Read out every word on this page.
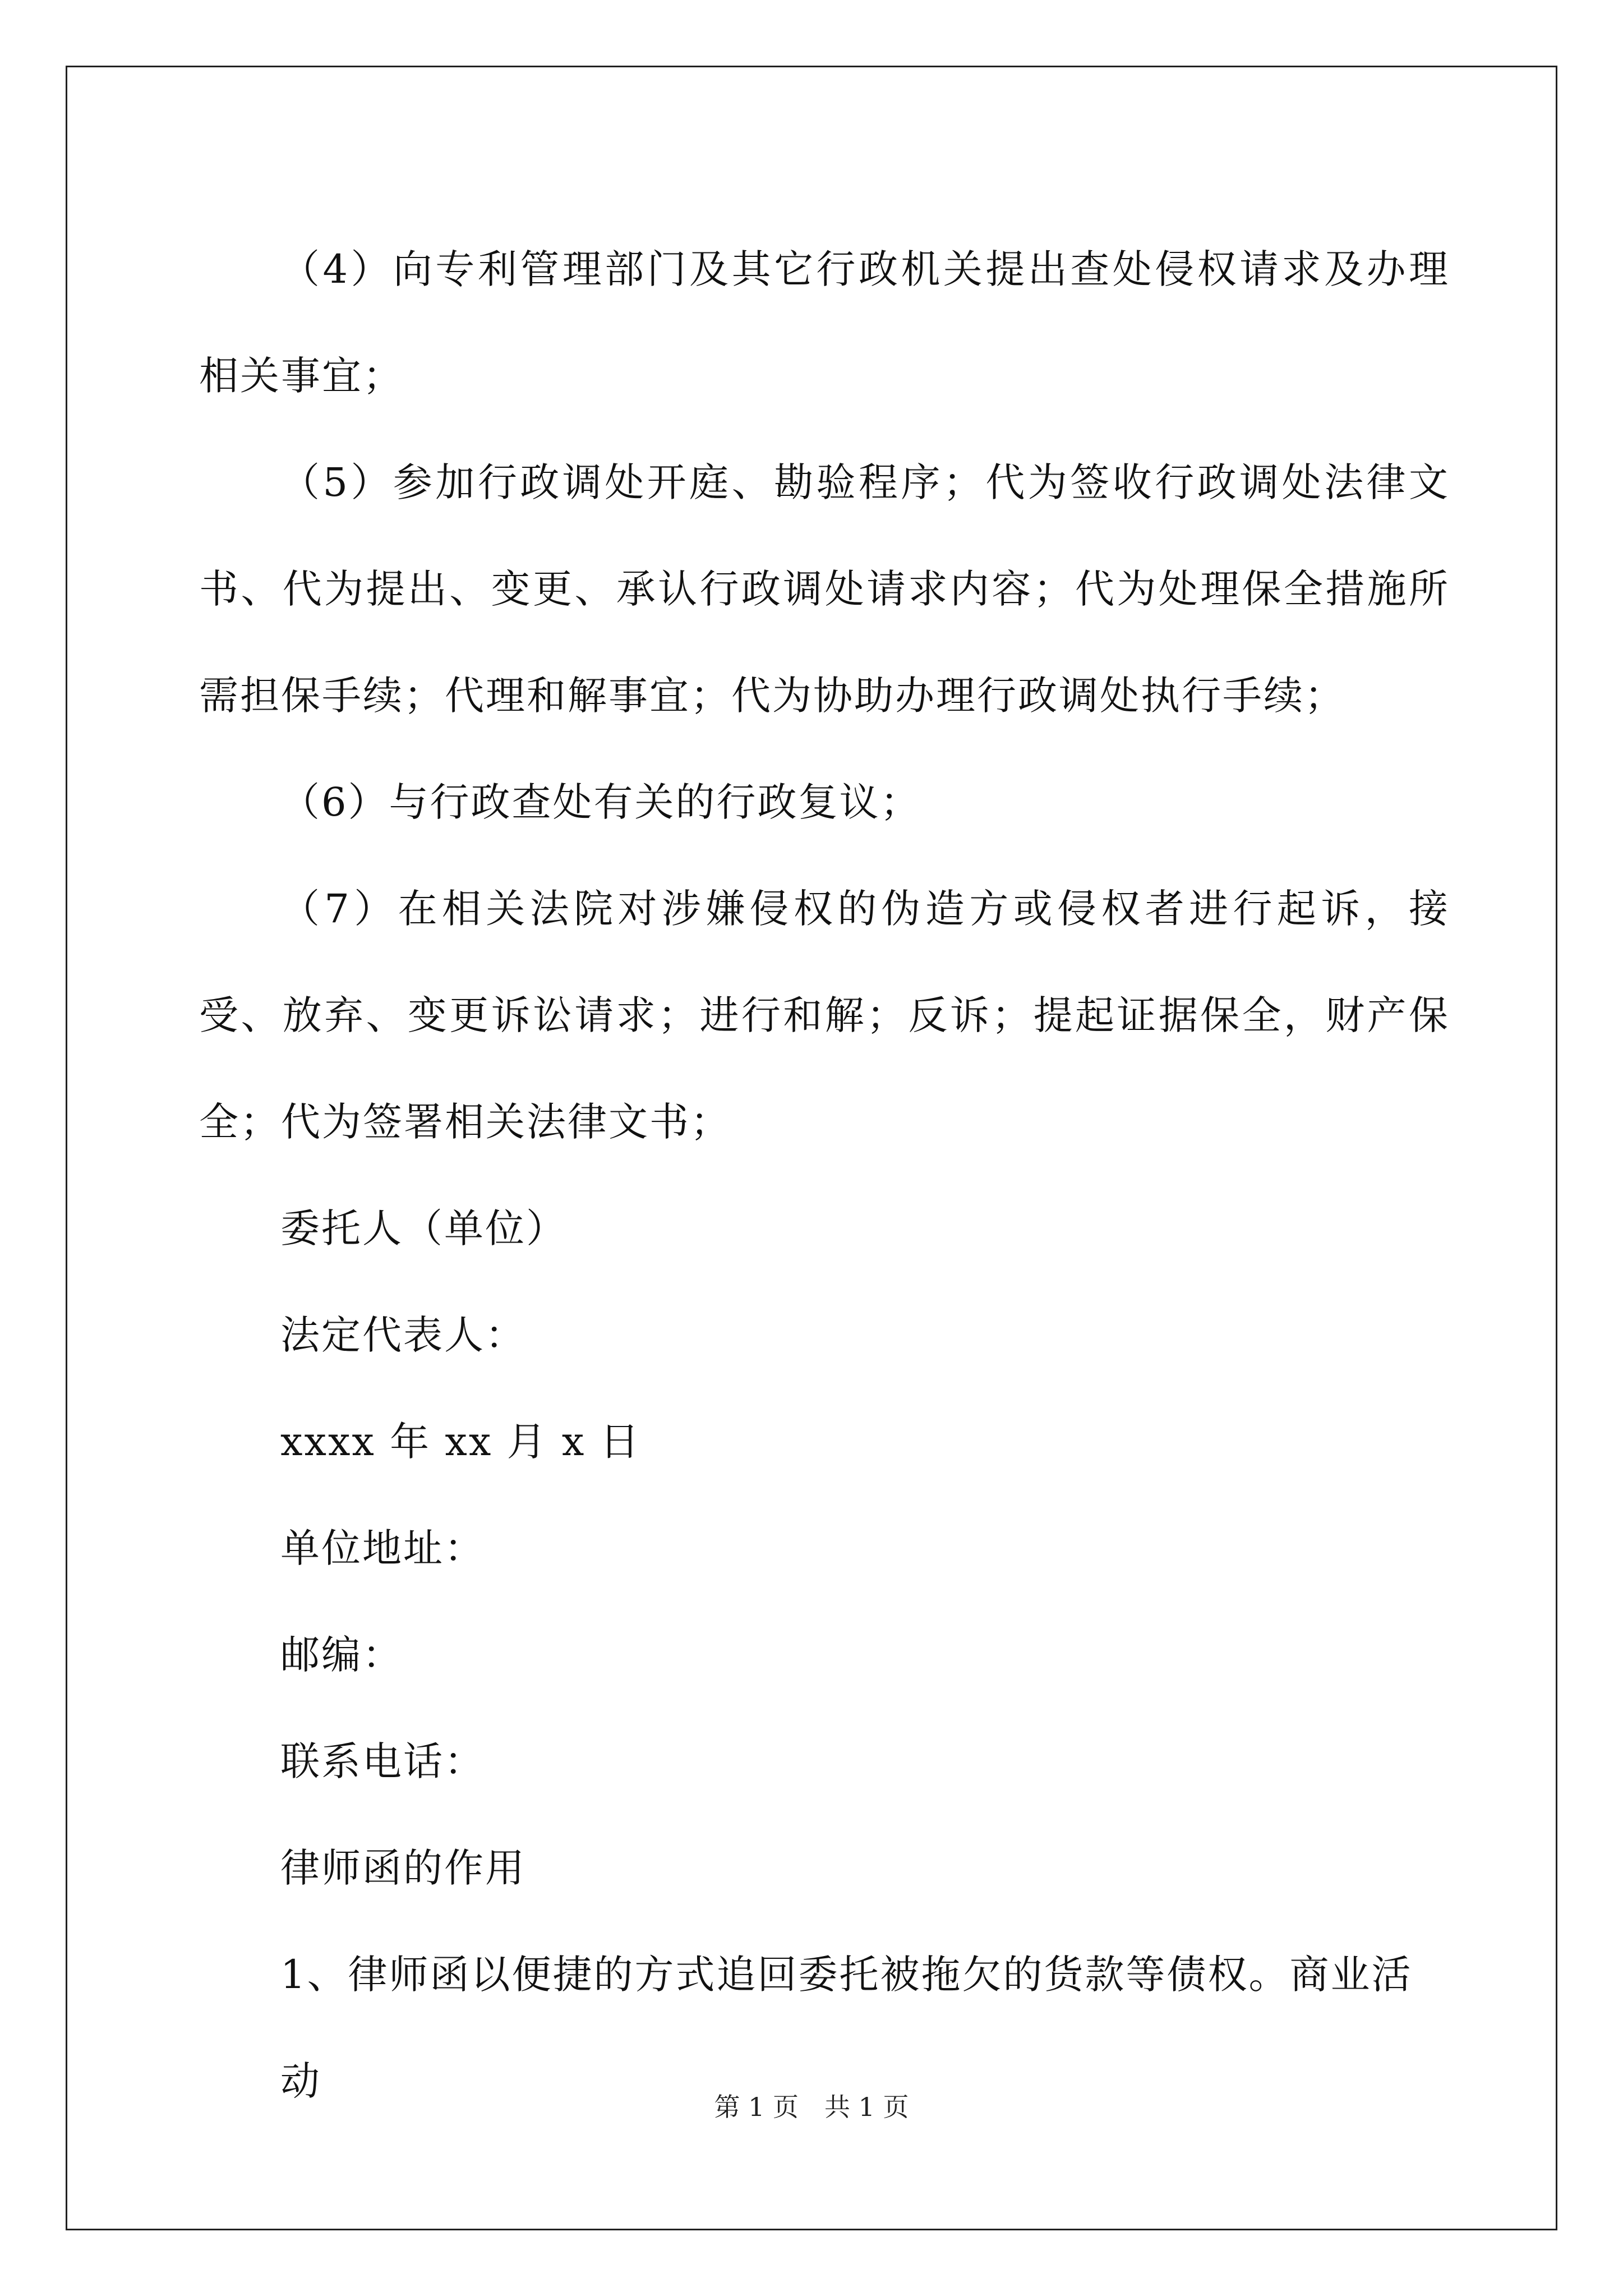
（4）向专利管理部门及其它行政机关提出查处侵权请求及办理相关事宜；

（5）参加行政调处开庭、勘验程序；代为签收行政调处法律文书、代为提出、变更、承认行政调处请求内容；代为处理保全措施所需担保手续；代理和解事宜；代为协助办理行政调处执行手续；

（6）与行政查处有关的行政复议；

（7）在相关法院对涉嫌侵权的伪造方或侵权者进行起诉，接受、放弃、变更诉讼请求；进行和解；反诉；提起证据保全，财产保全；代为签署相关法律文书；

委托人（单位）

法定代表人：

xxxx 年 xx 月 x 日

单位地址：

邮编：

联系电话：

律师函的作用

1、律师函以便捷的方式追回委托被拖欠的货款等债权。商业活动

第 1 页　共 1 页
